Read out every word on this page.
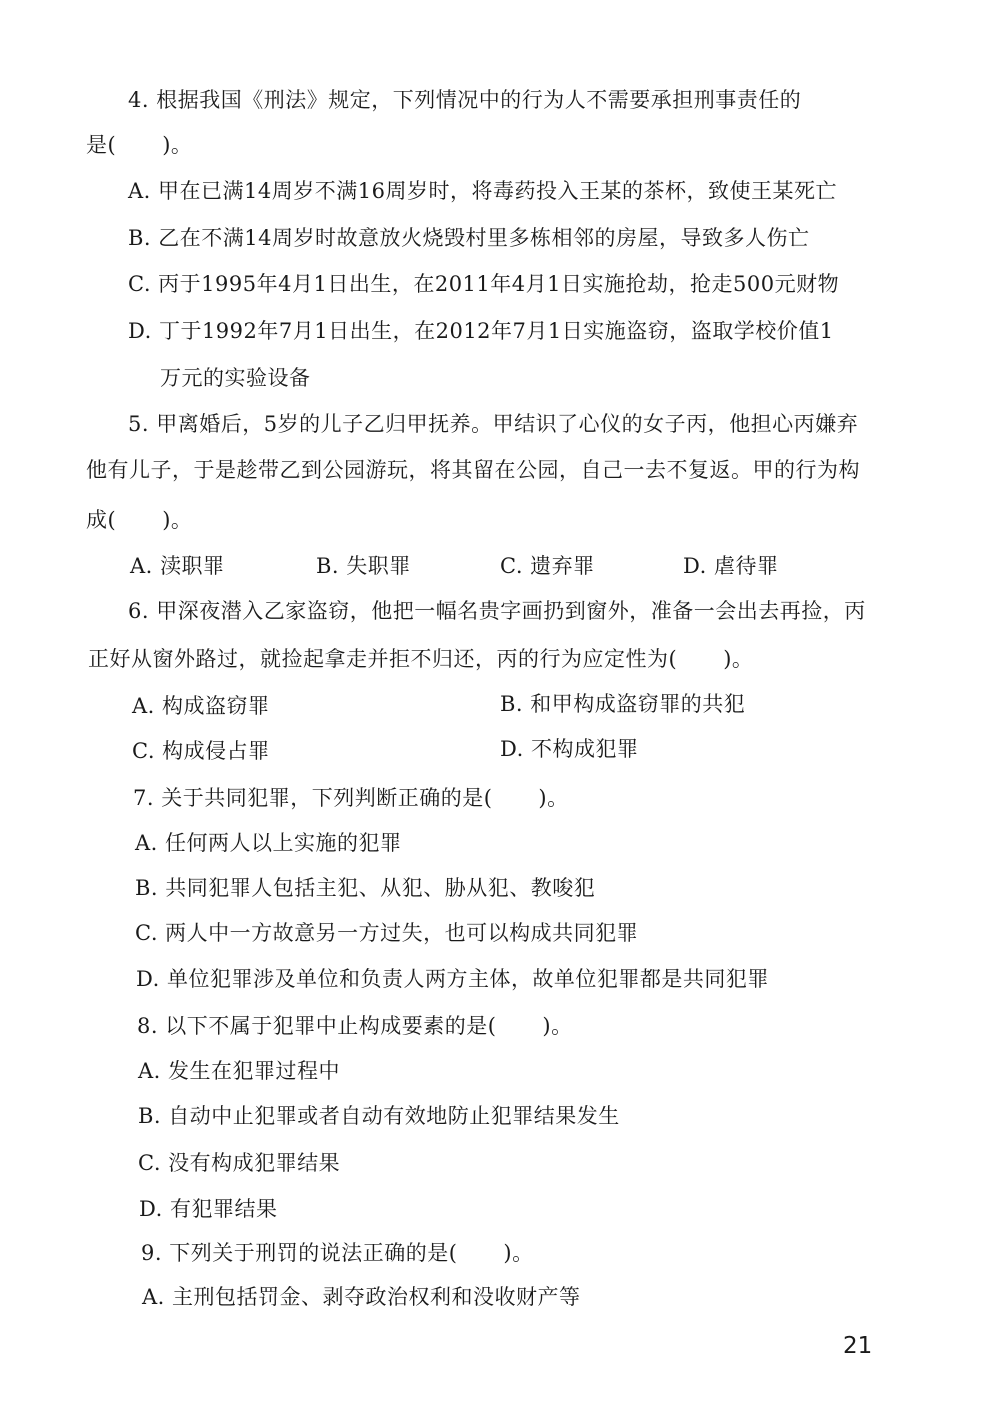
4. 根据我国《刑法》规定，下列情况中的行为人不需要承担刑事责任的
是( )。
A. 甲在已满14周岁不满16周岁时，将毒药投入王某的茶杯，致使王某死亡
B. 乙在不满14周岁时故意放火烧毁村里多栋相邻的房屋，导致多人伤亡
C. 丙于1995年4月1日出生，在2011年4月1日实施抢劫，抢走500元财物
D. 丁于1992年7月1日出生，在2012年7月1日实施盗窃，盗取学校价值1
万元的实验设备
5. 甲离婚后，5岁的儿子乙归甲抚养。甲结识了心仪的女子丙，他担心丙嫌弃
他有儿子，于是趁带乙到公园游玩，将其留在公园，自己一去不复返。甲的行为构
成( )。
A. 渎职罪	B. 失职罪	C. 遗弃罪	D. 虐待罪
6. 甲深夜潜入乙家盗窃，他把一幅名贵字画扔到窗外，准备一会出去再捡，丙
正好从窗外路过，就捡起拿走并拒不归还，丙的行为应定性为( )。
A. 构成盗窃罪	B. 和甲构成盗窃罪的共犯
C. 构成侵占罪	D. 不构成犯罪
7. 关于共同犯罪，下列判断正确的是( )。
A. 任何两人以上实施的犯罪
B. 共同犯罪人包括主犯、从犯、胁从犯、教唆犯
C. 两人中一方故意另一方过失，也可以构成共同犯罪
D. 单位犯罪涉及单位和负责人两方主体，故单位犯罪都是共同犯罪
8. 以下不属于犯罪中止构成要素的是( )。
A. 发生在犯罪过程中
B. 自动中止犯罪或者自动有效地防止犯罪结果发生
C. 没有构成犯罪结果
D. 有犯罪结果
9. 下列关于刑罚的说法正确的是( )。
A. 主刑包括罚金、剥夺政治权利和没收财产等
21
